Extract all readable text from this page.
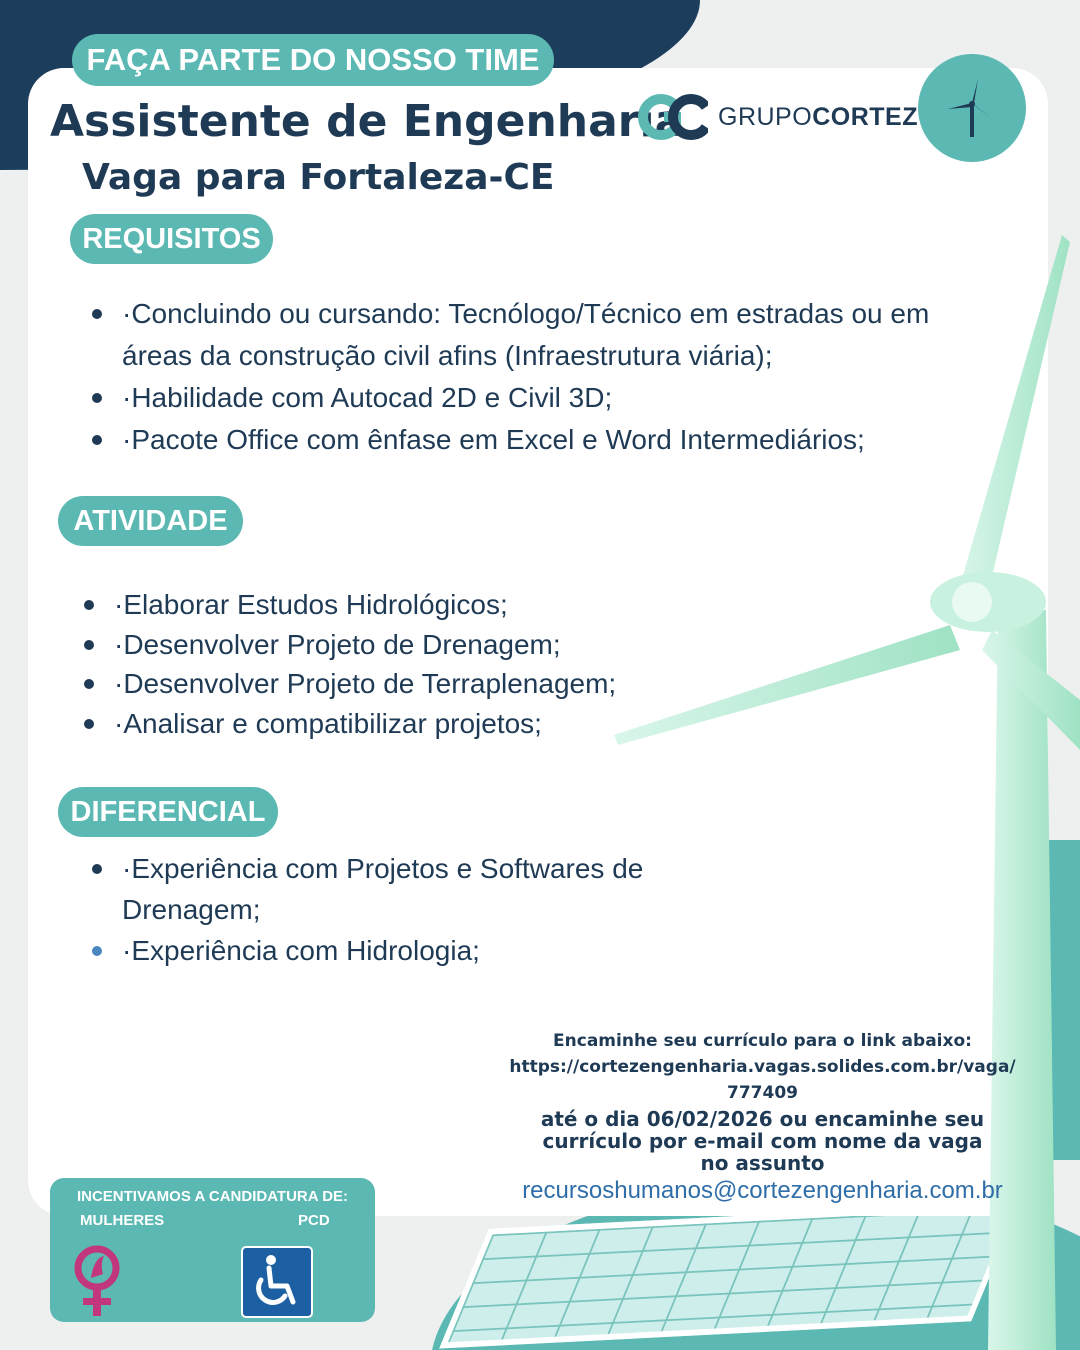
FAÇA PARTE DO NOSSO TIME
Assistente de Engenharia
Vaga para Fortaleza-CE
GRUPOCORTEZ
REQUISITOS
·Concluindo ou cursando: Tecnólogo/Técnico em estradas ou em áreas da construção civil afins (Infraestrutura viária);
·Habilidade com Autocad 2D e Civil 3D;
·Pacote Office com ênfase em Excel e Word Intermediários;
ATIVIDADE
·Elaborar Estudos Hidrológicos;
·Desenvolver Projeto de Drenagem;
·Desenvolver Projeto de Terraplenagem;
·Analisar e compatibilizar projetos;
DIFERENCIAL
·Experiência com Projetos e Softwares de Drenagem;
·Experiência com Hidrologia;
Encaminhe seu currículo para o link abaixo:
https://cortezengenharia.vagas.solides.com.br/vaga/
777409
até o dia 06/02/2026 ou encaminhe seu currículo por e-mail com nome da vaga no assunto
recursoshumanos@cortezengenharia.com.br
INCENTIVAMOS A CANDIDATURA DE:
MULHERES	PCD
